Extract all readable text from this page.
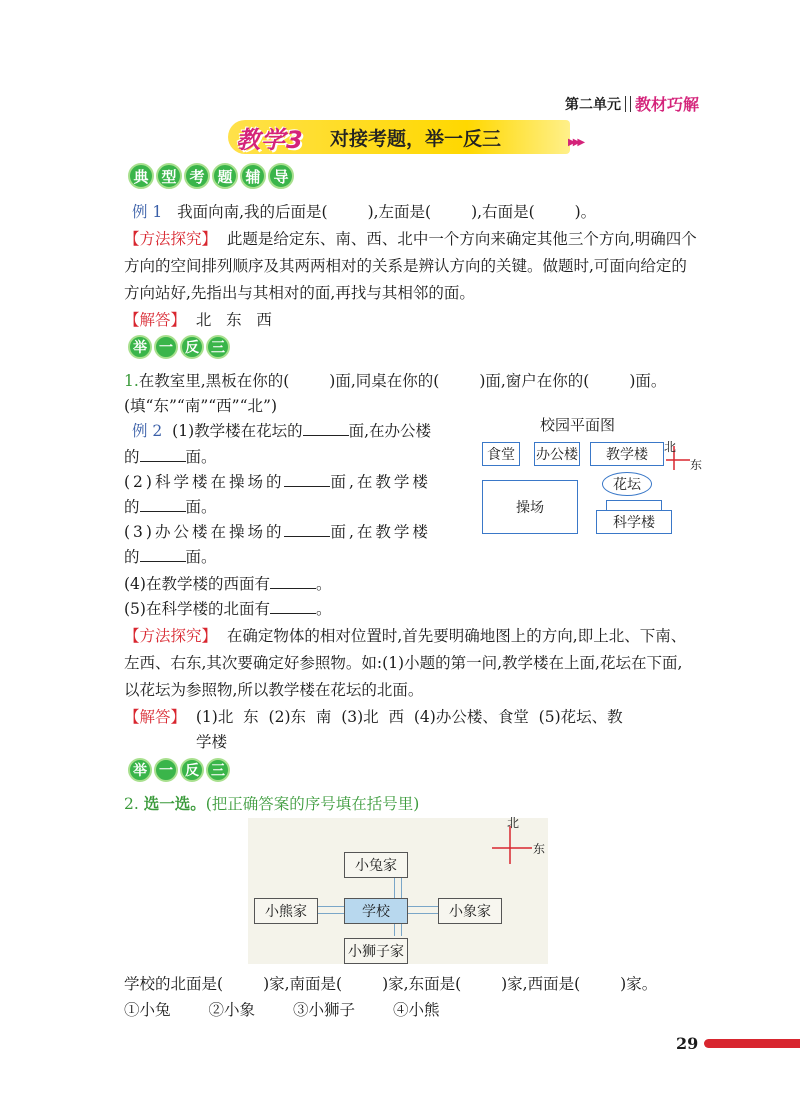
第二单元 教材巧解
教学3 对接考题，举一反三	▶▶▶
典 型 考 题 辅 导
例 1 我面向南,我的后面是(	),左面是(	),右面是(	)。
【方法探究】 此题是给定东、南、西、北中一个方向来确定其他三个方向,明确四个
方向的空间排列顺序及其两两相对的关系是辨认方向的关键。做题时,可面向给定的
方向站好,先指出与其相对的面,再找与其相邻的面。
【解答】 北   东   西
举 一 反 三
1.在教室里,黑板在你的(	)面,同桌在你的(	)面,窗户在你的(	)面。
(填“东”“南”“西”“北”)
例 2 (1)教学楼在花坛的	面,在办公楼
的	面。
(2)科学楼在操场的	面,在教学楼
的	面。
(3)办公楼在操场的	面,在教学楼
的	面。
(4)在教学楼的西面有	。
(5)在科学楼的北面有	。
校园平面图
食堂	办公楼	教学楼
花坛
操场
科学楼
北
东
【方法探究】 在确定物体的相对位置时,首先要明确地图上的方向,即上北、下南、
左西、右东,其次要确定好参照物。如:(1)小题的第一问,教学楼在上面,花坛在下面,
以花坛为参照物,所以教学楼在花坛的北面。
【解答】 (1)北  东  (2)东  南  (3)北  西  (4)办公楼、食堂  (5)花坛、教
学楼
举 一 反 三
2. 选一选。(把正确答案的序号填在括号里)
小兔家
小熊家	学校	小象家
小狮子家
北
东
学校的北面是(	)家,南面是(	)家,东面是(	)家,西面是(	)家。
①小兔 ②小象 ③小狮子 ④小熊
29
